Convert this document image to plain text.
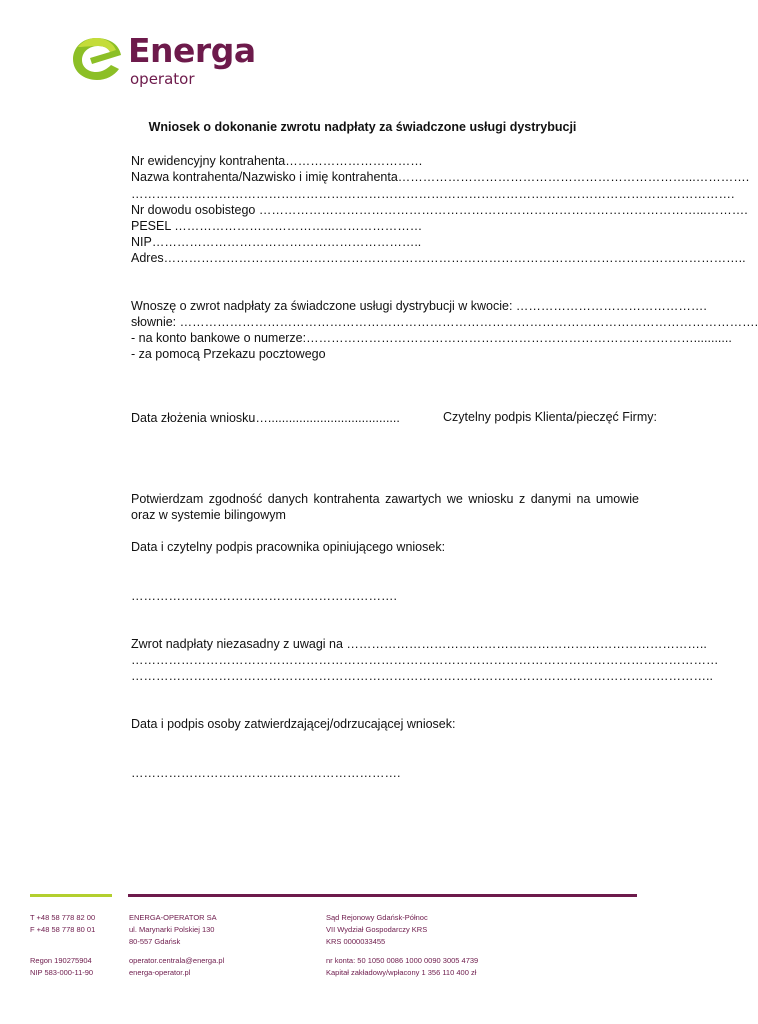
Energa
operator
Wniosek o dokonanie zwrotu nadpłaty za świadczone usługi dystrybucji
Nr ewidencyjny kontrahenta……………………………
Nazwa kontrahenta/Nazwisko i imię kontrahenta……………………………………………………………...………….
……………………………………………………………………………………………………………………………….
Nr dowodu osobistego ……………………………………………………………………………………………...……….
PESEL ………………………………...…………………
NIP………………………………………………………..
Adres…………………………………………………………………………………………………………………………..
Wnoszę o zwrot nadpłaty za świadczone usługi dystrybucji w kwocie: ……………………………………….
słownie: ………………………………………………………………………………………………………………………….
- na konto bankowe o numerze:…………………………………………………………………………………...........
- za pomocą Przekazu pocztowego
Data złożenia wniosku…......................................	Czytelny podpis Klienta/pieczęć Firmy:
Potwierdzam zgodność danych kontrahenta zawartych we wniosku z danymi na umowie oraz w systemie bilingowym
Data i czytelny podpis pracownika opiniującego wniosek:
……………………………………………………….
Zwrot nadpłaty niezasadny z uwagi na …………………………………….……………………………………..
……………………………………………………………………………………………………………………………
…………………………………………………………………………………………………………………………..
Data i podpis osoby zatwierdzającej/odrzucającej wniosek:
……………………………….……………………….
T +48 58 778 82 00
F +48 58 778 80 01
Regon 190275904
NIP 583-000-11-90
ENERGA-OPERATOR SA
ul. Marynarki Polskiej 130
80-557 Gdańsk
operator.centrala@energa.pl
energa-operator.pl
Sąd Rejonowy Gdańsk-Północ
VII Wydział Gospodarczy KRS
KRS 0000033455
nr konta: 50 1050 0086 1000 0090 3005 4739
Kapitał zakładowy/wpłacony 1 356 110 400 zł
